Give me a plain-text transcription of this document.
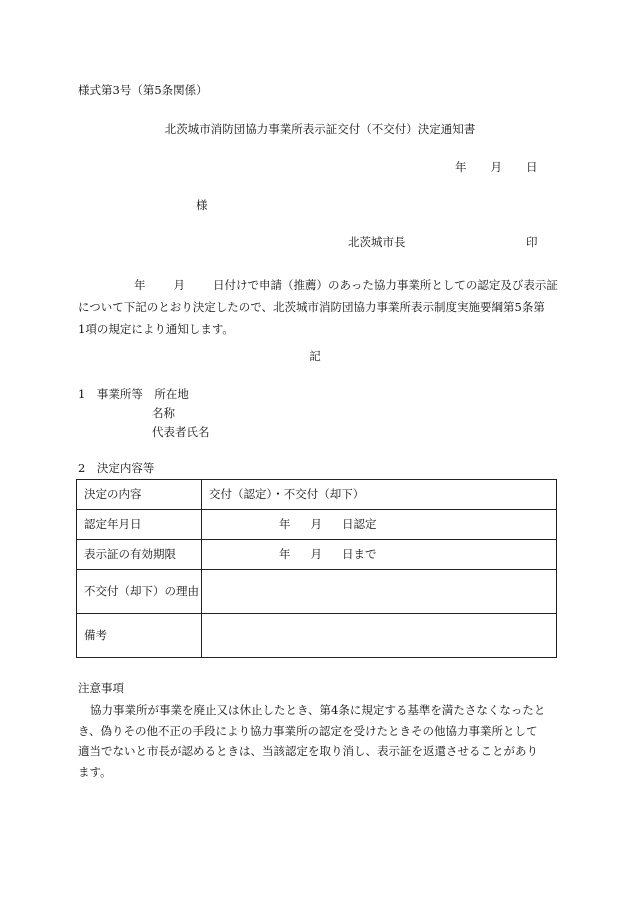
様式第3号（第5条関係）
北茨城市消防団協力事業所表示証交付（不交付）決定通知書
年 月 日
様
北茨城市長	印
年 月 日付けで申請（推薦）のあった協力事業所としての認定及び表示証
について下記のとおり決定したので、北茨城市消防団協力事業所表示制度実施要綱第5条第
1項の規定により通知します。
記
1　事業所等　所在地
名称
代表者氏名
2　決定内容等
決定の内容	交付（認定）・不交付（却下）
認定年月日	年 月 日認定
表示証の有効期限	年 月 日まで
不交付（却下）の理由	
備考	
注意事項
協力事業所が事業を廃止又は休止したとき、第4条に規定する基準を満たさなくなったと
き、偽りその他不正の手段により協力事業所の認定を受けたときその他協力事業所として
適当でないと市長が認めるときは、当該認定を取り消し、表示証を返還させることがあり
ます。
